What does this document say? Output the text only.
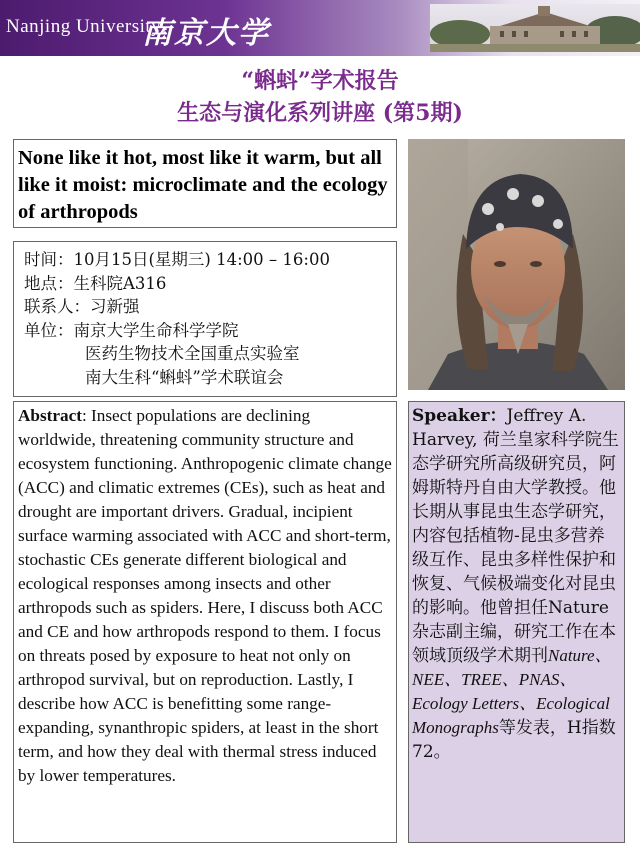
Nanjing University
南京大学
“蝌蚪”学术报告
生态与演化系列讲座 (第5期)
None like it hot, most like it warm, but all like it moist: microclimate and the ecology of arthropods
时间：10月15日(星期三) 14:00 – 16:00
地点：生科院A316
联系人：习新强
单位：南京大学生命科学学院
医药生物技术全国重点实验室
南大生科“蝌蚪”学术联谊会
Abstract: Insect populations are declining worldwide, threatening community structure and ecosystem functioning. Anthropogenic climate change (ACC) and climatic extremes (CEs), such as heat and drought are important drivers. Gradual, incipient surface warming associated with ACC and short-term, stochastic CEs generate different biological and ecological responses among insects and other arthropods such as spiders. Here, I discuss both ACC and CE and how arthropods respond to them. I focus on threats posed by exposure to heat not only on arthropod survival, but on reproduction. Lastly, I describe how ACC is benefitting some range-expanding, synanthropic spiders, at least in the short term, and how they deal with thermal stress induced by lower temperatures.
Speaker：Jeffrey A. Harvey, 荷兰皇家科学院生态学研究所高级研究员，阿姆斯特丹自由大学教授。他长期从事昆虫生态学研究，内容包括植物-昆虫多营养级互作、昆虫多样性保护和恢复、气候极端变化对昆虫的影响。他曾担任Nature 杂志副主编，研究工作在本领域顶级学术期刊Nature、NEE、TREE、PNAS、Ecology Letters、Ecological Monographs等发表，H指数72。
